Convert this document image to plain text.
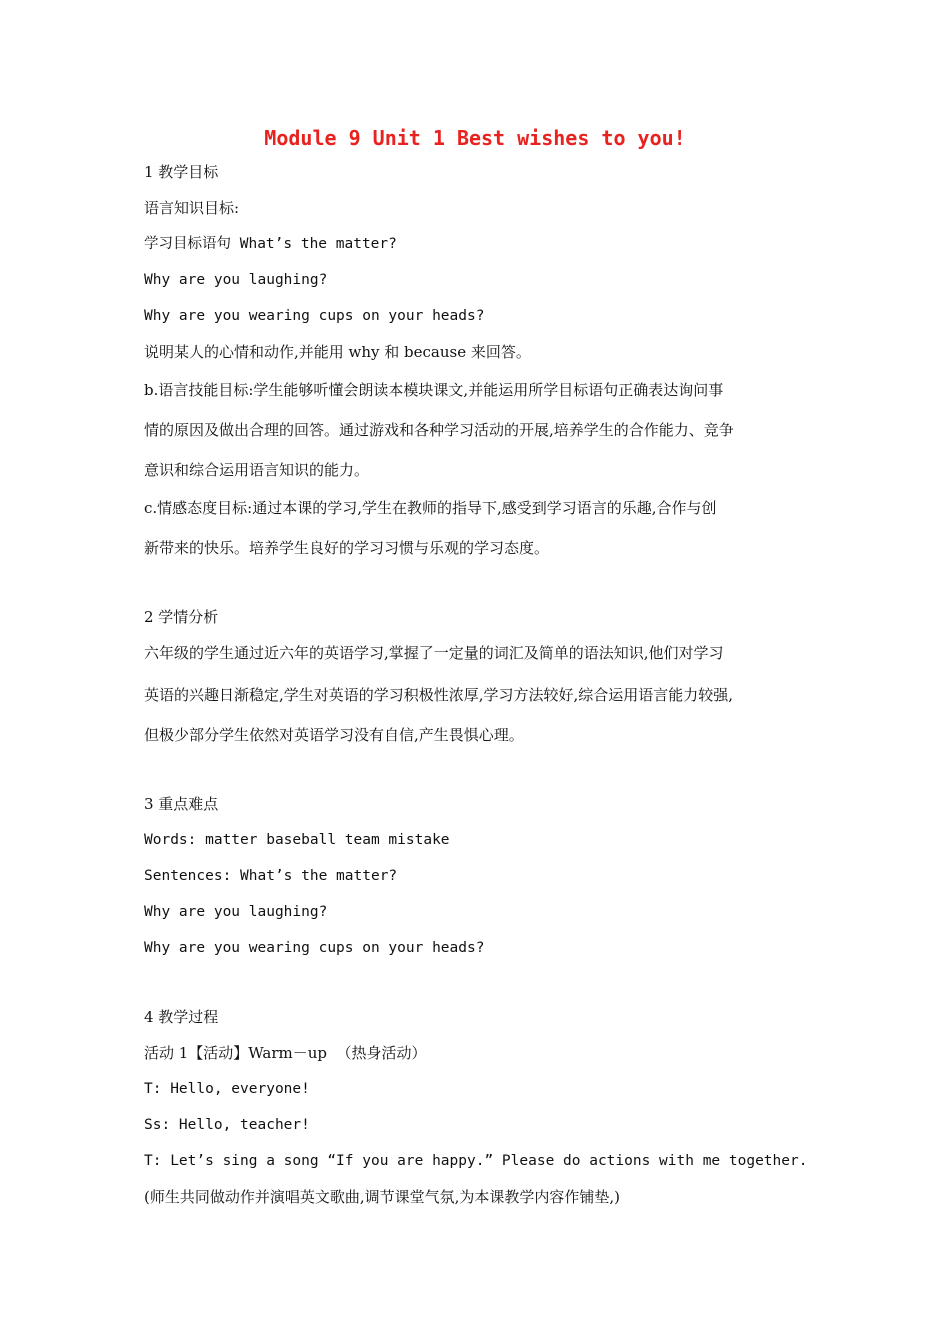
Module 9 Unit 1 Best wishes to you!

1 教学目标

语言知识目标:

学习目标语句 What’s the matter?

Why are you laughing?

Why are you wearing cups on your heads?

说明某人的心情和动作,并能用 why 和 because 来回答。

b.语言技能目标:学生能够听懂会朗读本模块课文,并能运用所学目标语句正确表达询问事

情的原因及做出合理的回答。通过游戏和各种学习活动的开展,培养学生的合作能力、竞争

意识和综合运用语言知识的能力。

c.情感态度目标:通过本课的学习,学生在教师的指导下,感受到学习语言的乐趣,合作与创

新带来的快乐。培养学生良好的学习习惯与乐观的学习态度。

2 学情分析

六年级的学生通过近六年的英语学习,掌握了一定量的词汇及简单的语法知识,他们对学习

英语的兴趣日渐稳定,学生对英语的学习积极性浓厚,学习方法较好,综合运用语言能力较强,

但极少部分学生依然对英语学习没有自信,产生畏惧心理。

3 重点难点

Words: matter baseball team mistake

Sentences: What’s the matter?

Why are you laughing?

Why are you wearing cups on your heads?

4 教学过程

活动 1【活动】Warm－up  （热身活动）

T: Hello, everyone!

Ss: Hello, teacher!

T: Let’s sing a song “If you are happy.” Please do actions with me together.

(师生共同做动作并演唱英文歌曲,调节课堂气氛,为本课教学内容作铺垫,)
